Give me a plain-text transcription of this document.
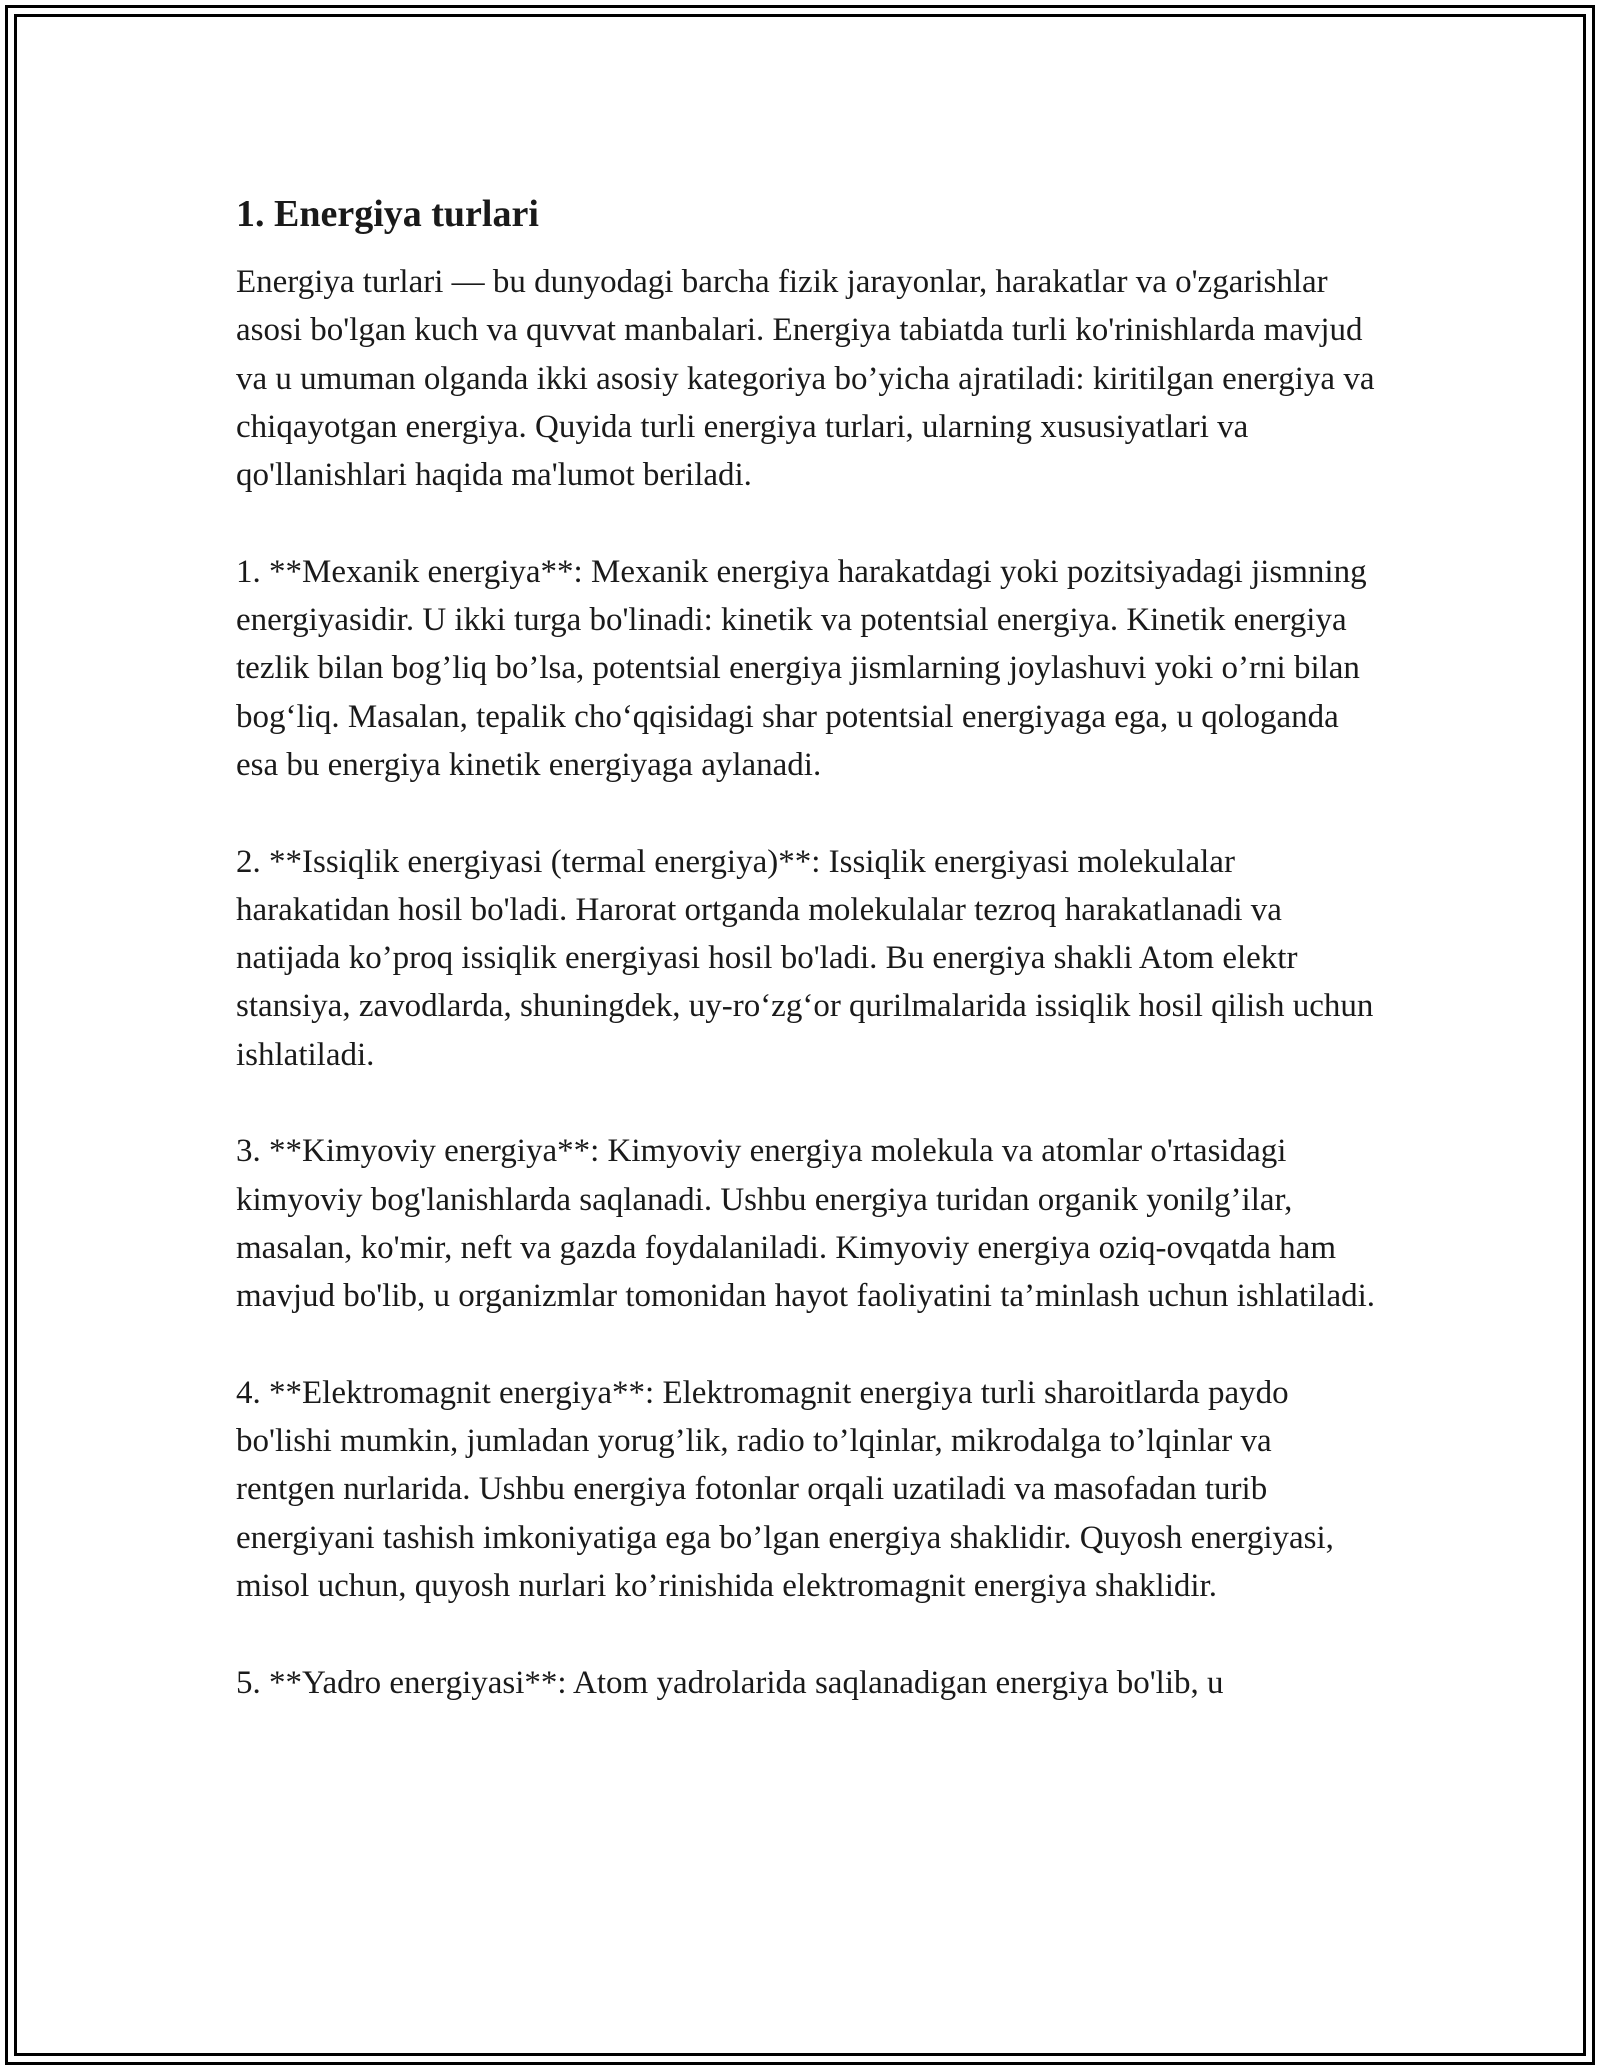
1. Energiya turlari

Energiya turlari — bu dunyodagi barcha fizik jarayonlar, harakatlar va o'zgarishlar asosi bo'lgan kuch va quvvat manbalari. Energiya tabiatda turli ko'rinishlarda mavjud va u umuman olganda ikki asosiy kategoriya bo’yicha ajratiladi: kiritilgan energiya va chiqayotgan energiya. Quyida turli energiya turlari, ularning xususiyatlari va qo'llanishlari haqida ma'lumot beriladi.

1. **Mexanik energiya**: Mexanik energiya harakatdagi yoki pozitsiyadagi jismning energiyasidir. U ikki turga bo'linadi: kinetik va potentsial energiya. Kinetik energiya tezlik bilan bog’liq bo’lsa, potentsial energiya jismlarning joylashuvi yoki o’rni bilan bog‘liq. Masalan, tepalik cho‘qqisidagi shar potentsial energiyaga ega, u qologanda esa bu energiya kinetik energiyaga aylanadi.

2. **Issiqlik energiyasi (termal energiya)**: Issiqlik energiyasi molekulalar harakatidan hosil bo'ladi. Harorat ortganda molekulalar tezroq harakatlanadi va natijada ko’proq issiqlik energiyasi hosil bo'ladi. Bu energiya shakli Atom elektr stansiya, zavodlarda, shuningdek, uy-ro‘zg‘or qurilmalarida issiqlik hosil qilish uchun ishlatiladi.

3. **Kimyoviy energiya**: Kimyoviy energiya molekula va atomlar o'rtasidagi kimyoviy bog'lanishlarda saqlanadi. Ushbu energiya turidan organik yonilg’ilar, masalan, ko'mir, neft va gazda foydalaniladi. Kimyoviy energiya oziq-ovqatda ham mavjud bo'lib, u organizmlar tomonidan hayot faoliyatini ta’minlash uchun ishlatiladi.

4. **Elektromagnit energiya**: Elektromagnit energiya turli sharoitlarda paydo bo'lishi mumkin, jumladan yorug’lik, radio to’lqinlar, mikrodalga to’lqinlar va rentgen nurlarida. Ushbu energiya fotonlar orqali uzatiladi va masofadan turib energiyani tashish imkoniyatiga ega bo’lgan energiya shaklidir. Quyosh energiyasi, misol uchun, quyosh nurlari ko’rinishida elektromagnit energiya shaklidir.

5. **Yadro energiyasi**: Atom yadrolarida saqlanadigan energiya bo'lib, u
